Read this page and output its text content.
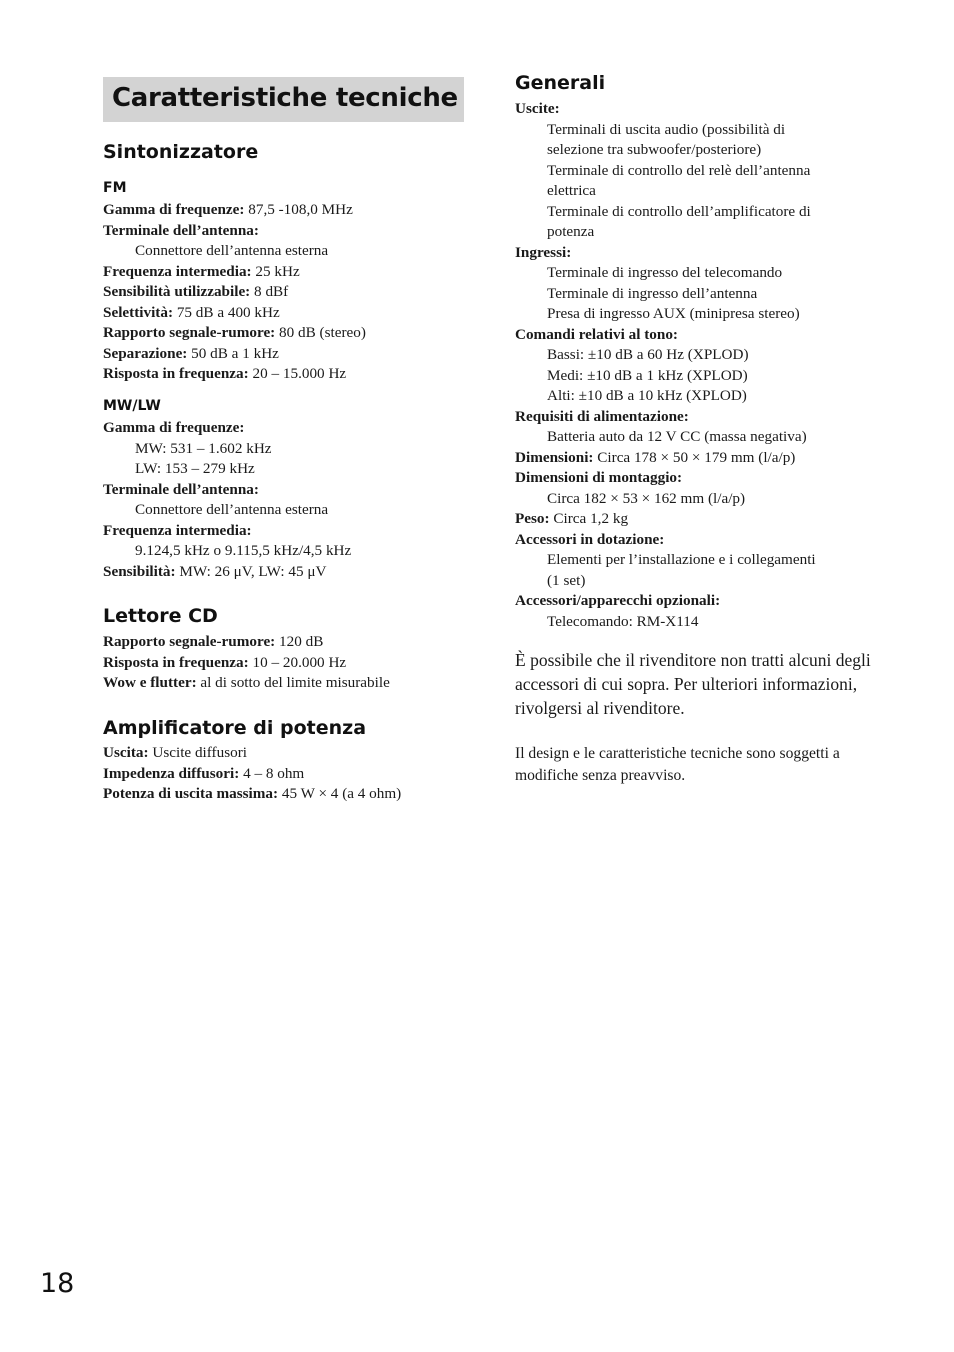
Caratteristiche tecniche
Sintonizzatore
FM
Gamma di frequenze: 87,5 -108,0 MHz
Terminale dell’antenna:
Connettore dell’antenna esterna
Frequenza intermedia: 25 kHz
Sensibilità utilizzabile: 8 dBf
Selettività: 75 dB a 400 kHz
Rapporto segnale-rumore: 80 dB (stereo)
Separazione: 50 dB a 1 kHz
Risposta in frequenza: 20 – 15.000 Hz
MW/LW
Gamma di frequenze:
MW: 531 – 1.602 kHz
LW: 153 – 279 kHz
Terminale dell’antenna:
Connettore dell’antenna esterna
Frequenza intermedia:
9.124,5 kHz o 9.115,5 kHz/4,5 kHz
Sensibilità: MW: 26 μV, LW: 45 μV
Lettore CD
Rapporto segnale-rumore: 120 dB
Risposta in frequenza: 10 – 20.000 Hz
Wow e flutter: al di sotto del limite misurabile
Amplificatore di potenza
Uscita: Uscite diffusori
Impedenza diffusori: 4 – 8 ohm
Potenza di uscita massima: 45 W × 4 (a 4 ohm)
Generali
Uscite:
Terminali di uscita audio (possibilità di
selezione tra subwoofer/posteriore)
Terminale di controllo del relè dell’antenna
elettrica
Terminale di controllo dell’amplificatore di
potenza
Ingressi:
Terminale di ingresso del telecomando
Terminale di ingresso dell’antenna
Presa di ingresso AUX (minipresa stereo)
Comandi relativi al tono:
Bassi: ±10 dB a 60 Hz (XPLOD)
Medi: ±10 dB a 1 kHz (XPLOD)
Alti: ±10 dB a 10 kHz (XPLOD)
Requisiti di alimentazione:
Batteria auto da 12 V CC (massa negativa)
Dimensioni: Circa 178 × 50 × 179 mm (l/a/p)
Dimensioni di montaggio:
Circa 182 × 53 × 162 mm (l/a/p)
Peso: Circa 1,2 kg
Accessori in dotazione:
Elementi per l’installazione e i collegamenti
(1 set)
Accessori/apparecchi opzionali:
Telecomando: RM-X114

È possibile che il rivenditore non tratti alcuni degli accessori di cui sopra. Per ulteriori informazioni, rivolgersi al rivenditore.

Il design e le caratteristiche tecniche sono soggetti a modifiche senza preavviso.

18
